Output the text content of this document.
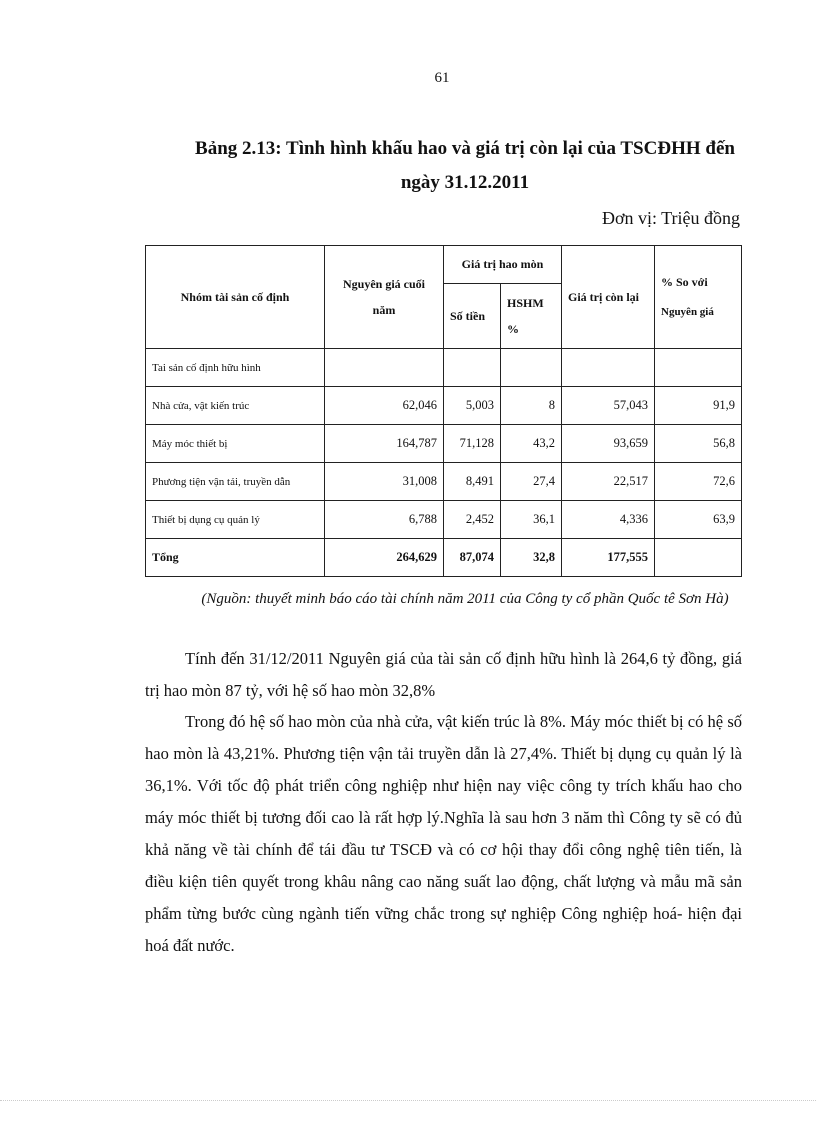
61
Bảng 2.13: Tình hình khấu hao và giá trị còn lại của TSCĐHH đến
ngày 31.12.2011
Đơn vị: Triệu đồng
Nhóm tài sản cố định	Nguyên giá cuối năm	Giá trị hao mòn		Giá trị còn lại	% So với
Nguyên giá

		Số tiền	HSHM %		
Tai sản cố định hữu hình					
Nhà cửa, vật kiến trúc	62,046	5,003	8	57,043	91,9
Máy móc thiết bị	164,787	71,128	43,2	93,659	56,8
Phương tiện vận tải, truyền dẫn	31,008	8,491	27,4	22,517	72,6
Thiết bị dụng cụ quản lý	6,788	2,452	36,1	4,336	63,9
Tổng	264,629	87,074	32,8	177,555	
(Nguồn: thuyết minh báo cáo tài chính năm 2011 của Công ty cổ phần Quốc tê Sơn Hà)
Tính đến 31/12/2011 Nguyên giá của tài sản cố định hữu hình là 264,6 tỷ đồng, giá trị hao mòn 87 tỷ, với hệ số hao mòn 32,8%
Trong đó hệ số hao mòn của nhà cửa, vật kiến trúc là 8%. Máy móc thiết bị có hệ số hao mòn là 43,21%. Phương tiện vận tải truyền dẫn là 27,4%. Thiết bị dụng cụ quản lý là 36,1%. Với tốc độ phát triển công nghiệp như hiện nay việc công ty trích khấu hao cho máy móc thiết bị tương đối cao là rất hợp lý.Nghĩa là sau hơn 3 năm thì Công ty sẽ có đủ khả năng về tài chính để tái đầu tư TSCĐ và có cơ hội thay đổi công nghệ tiên tiến, là điều kiện tiên quyết trong khâu nâng cao năng suất lao động, chất lượng và mẫu mã sản phẩm từng bước cùng ngành tiến vững chắc trong sự nghiệp Công nghiệp hoá- hiện đại hoá đất nước.
